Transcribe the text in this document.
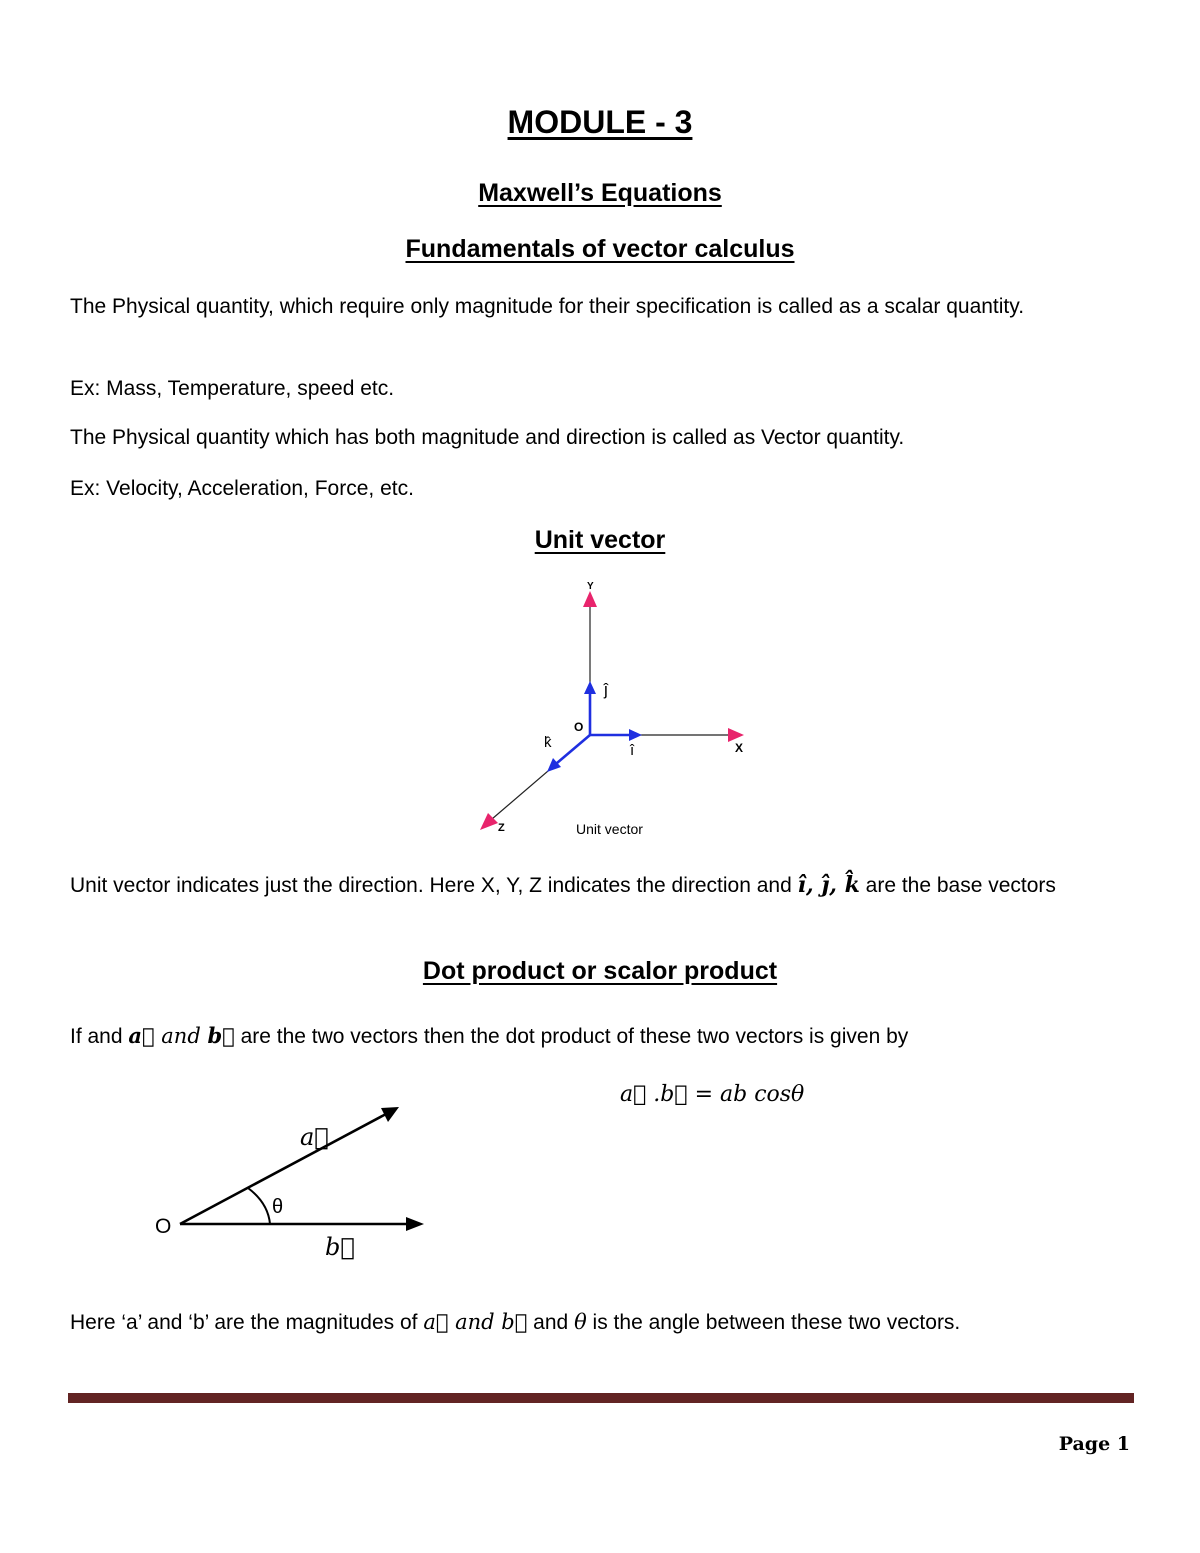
MODULE - 3
Maxwell’s Equations
Fundamentals of vector calculus
The Physical quantity, which require only magnitude for their specification is called as a scalar quantity.
Ex: Mass, Temperature, speed etc.
The Physical quantity which has both magnitude and direction is called as Vector quantity.
Ex: Velocity, Acceleration, Force, etc.
Unit vector
Y
X
Z
O
ĵ
î
k̂
Unit vector
Unit vector indicates just the direction. Here X, Y, Z indicates the direction and î, ĵ, k̂ are the base vectors
Dot product or scalor product
If and a⃗ and b⃗ are the two vectors then the dot product of these two vectors is given by
a⃗ .b⃗ = ab cosθ
O
a⃗
b⃗
θ
Here ‘a’ and ‘b’ are the magnitudes of a⃗ and b⃗ and θ is the angle between these two vectors.
Page 1
